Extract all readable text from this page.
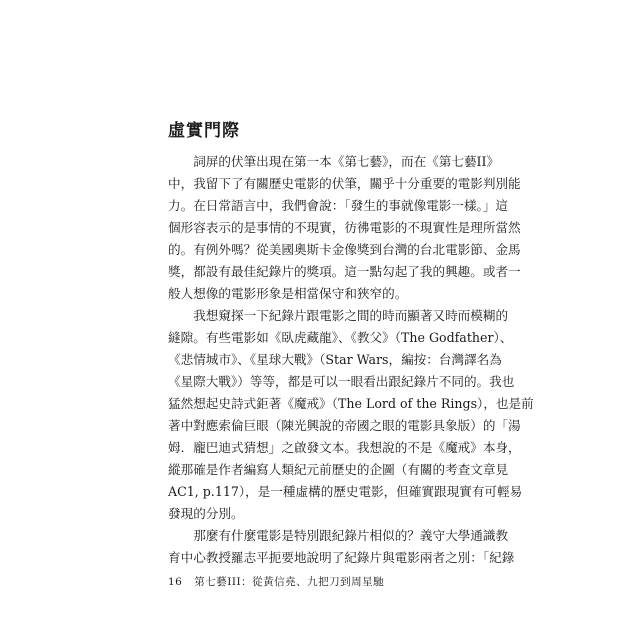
虛實門際
　　詞屏的伏筆出現在第一本《第七藝》，而在《第七藝II》
中，我留下了有關歷史電影的伏筆，關乎十分重要的電影判別能
力。在日常語言中，我們會說：「發生的事就像電影一樣。」這
個形容表示的是事情的不現實，彷彿電影的不現實性是理所當然
的。有例外嗎？從美國奧斯卡金像獎到台灣的台北電影節、金馬
獎，都設有最佳紀錄片的獎項。這一點勾起了我的興趣。或者一
般人想像的電影形象是相當保守和狹窄的。
　　我想窺探一下紀錄片跟電影之間的時而顯著又時而模糊的
縫隙。有些電影如《臥虎藏龍》、《教父》（The Godfather）、
《悲情城市》、《星球大戰》（Star Wars，編按：台灣譯名為
《星際大戰》）等等，都是可以一眼看出跟紀錄片不同的。我也
猛然想起史詩式鉅著《魔戒》（The Lord of the Rings），也是前
著中對應索倫巨眼（陳光興說的帝國之眼的電影具象版）的「湯
姆．龐巴迪式猜想」之啟發文本。我想說的不是《魔戒》本身，
縱那確是作者編寫人類紀元前歷史的企圖（有關的考查文章見
AC1, p.117），是一種虛構的歷史電影，但確實跟現實有可輕易
發現的分別。
　　那麼有什麼電影是特別跟紀錄片相似的？義守大學通識教
育中心教授羅志平扼要地說明了紀錄片與電影兩者之別：「紀錄
16 第七藝III：從黃信堯、九把刀到周星馳
